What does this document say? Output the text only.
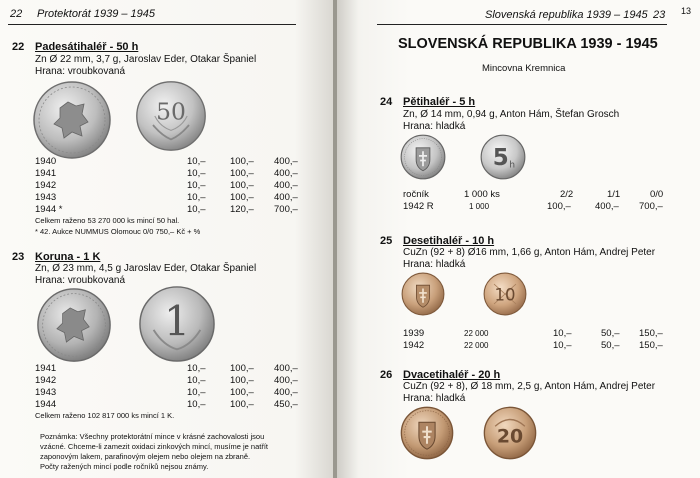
22 Protektorát 1939 – 1945
22 Padesátihaléř - 50 h
Zn Ø 22 mm, 3,7 g, Jaroslav Eder, Otakar Španiel
Hrana: vroubkovaná
50
1940	10,–	100,– 400,–
1941	10,–	100,– 400,–
1942	10,–	100,– 400,–
1943	10,–	100,– 400,–
1944 *	10,–	120,– 700,–
Celkem raženo 53 270 000 ks mincí 50 hal.
* 42. Aukce NUMMUS Olomouc 0/0 750,– Kč + %
23 Koruna - 1 K
Zn, Ø 23 mm, 4,5 g Jaroslav Eder, Otakar Španiel
Hrana: vroubkovaná
1
1941	10,–	100,– 400,–
1942	10,–	100,– 400,–
1943	10,–	100,– 400,–
1944	10,–	100,– 450,–
Celkem raženo 102 817 000 ks mincí 1 K.
Poznámka: Všechny protektorátní mince v krásné zachovalosti jsou
vzácné. Chceme-li zamezit oxidaci zinkových mincí, musíme je natřít
zaponovým lakem, parafinovým olejem nebo olejem na zbraně.
Počty ražených mincí podle ročníků nejsou známy.
Slovenská republika 1939 – 1945 23 13
SLOVENSKÁ REPUBLIKA 1939 - 1945
Mincovna Kremnica
24 Pětihaléř - 5 h
Zn, Ø 14 mm, 0,94 g, Anton Hám, Štefan Grosch
Hrana: hladká
5 h
ročník	1 000 ks	2/2	1/1	0/0
1942 R	1 000	100,–	400,– 700,–
25 Desetihaléř - 10 h
CuZn (92 + 8) Ø16 mm, 1,66 g, Anton Hám, Andrej Peter
Hrana: hladká
10
1939	22 000	10,–	50,– 150,–
1942	22 000	10,–	50,– 150,–
26 Dvacetihaléř - 20 h
CuZn (92 + 8), Ø 18 mm, 2,5 g, Anton Hám, Andrej Peter
Hrana: hladká
20
